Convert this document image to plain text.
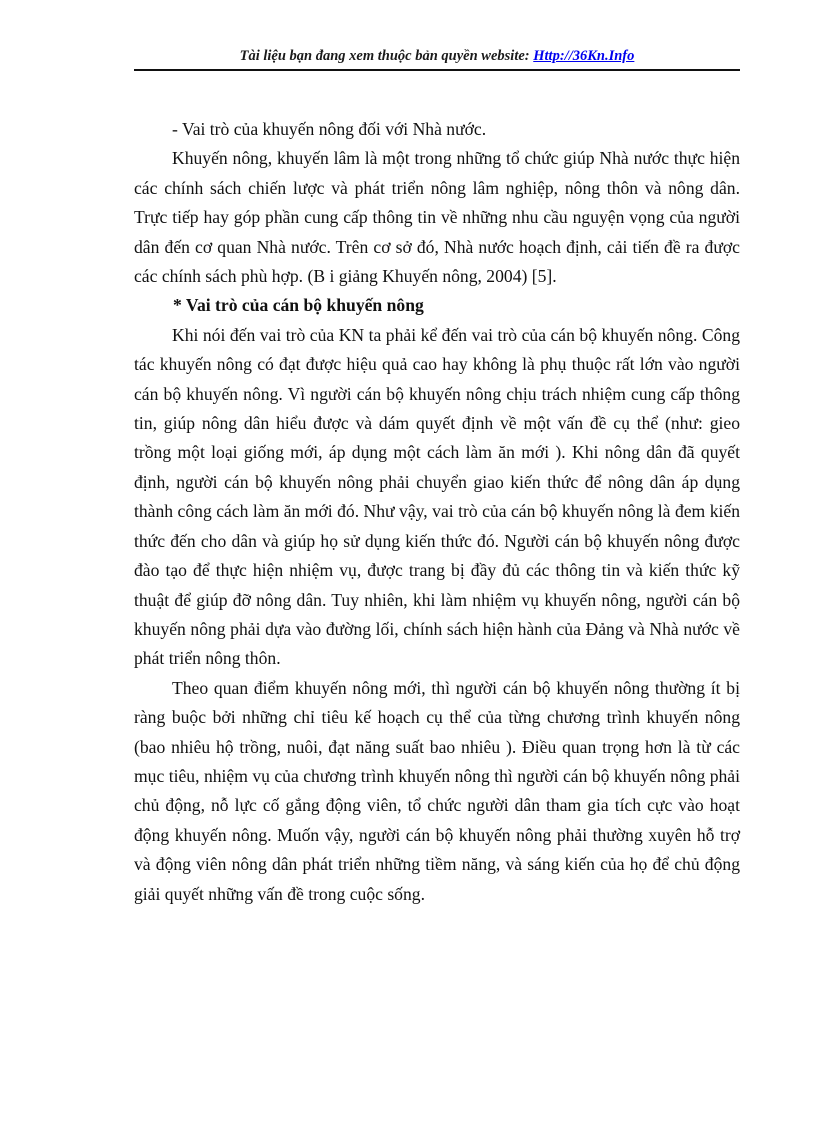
Tài liệu bạn đang xem thuộc bản quyền website: Http://36Kn.Info

- Vai trò của khuyến nông đối với Nhà nước.

Khuyến nông, khuyến lâm là một trong những tổ chức giúp Nhà nước thực hiện các chính sách chiến lược và phát triển nông lâm nghiệp, nông thôn và nông dân. Trực tiếp hay góp phần cung cấp thông tin về những nhu cầu nguyện vọng của người dân đến cơ quan Nhà nước. Trên cơ sở đó, Nhà nước hoạch định, cải tiến đề ra được các chính sách phù hợp. (B i giảng Khuyến nông, 2004) [5].

* Vai trò của cán bộ khuyến nông

Khi nói đến vai trò của KN ta phải kể đến vai trò của cán bộ khuyến nông. Công tác khuyến nông có đạt được hiệu quả cao hay không là phụ thuộc rất lớn vào người cán bộ khuyến nông. Vì người cán bộ khuyến nông chịu trách nhiệm cung cấp thông tin, giúp nông dân hiểu được và dám quyết định về một vấn đề cụ thể (như: gieo trồng một loại giống mới, áp dụng một cách làm ăn mới ). Khi nông dân đã quyết định, người cán bộ khuyến nông phải chuyển giao kiến thức để nông dân áp dụng thành công cách làm ăn mới đó. Như vậy, vai trò của cán bộ khuyến nông là đem kiến thức đến cho dân và giúp họ sử dụng kiến thức đó. Người cán bộ khuyến nông được đào tạo để thực hiện nhiệm vụ, được trang bị đầy đủ các thông tin và kiến thức kỹ thuật để giúp đỡ nông dân. Tuy nhiên, khi làm nhiệm vụ khuyến nông, người cán bộ khuyến nông phải dựa vào đường lối, chính sách hiện hành của Đảng và Nhà nước về phát triển nông thôn.

Theo quan điểm khuyến nông mới, thì người cán bộ khuyến nông thường ít bị ràng buộc bởi những chỉ tiêu kế hoạch cụ thể của từng chương trình khuyến nông (bao nhiêu hộ trồng, nuôi, đạt năng suất bao nhiêu ). Điều quan trọng hơn là từ các mục tiêu, nhiệm vụ của chương trình khuyến nông thì người cán bộ khuyến nông phải chủ động, nỗ lực cố gắng động viên, tổ chức người dân tham gia tích cực vào hoạt động khuyến nông. Muốn vậy, người cán bộ khuyến nông phải thường xuyên hỗ trợ và động viên nông dân phát triển những tiềm năng, và sáng kiến của họ để chủ động giải quyết những vấn đề trong cuộc sống.
